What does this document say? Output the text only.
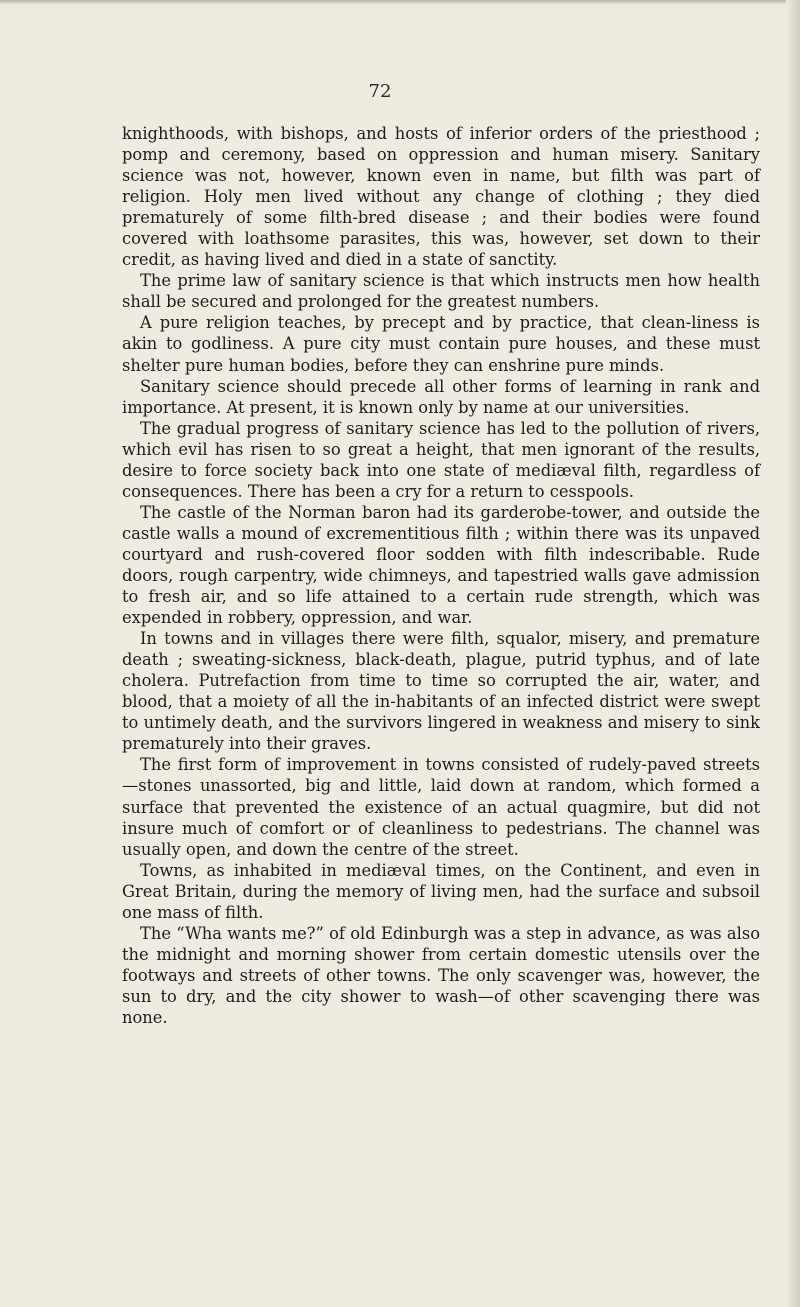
72

knighthoods, with bishops, and hosts of inferior orders of the priesthood ; pomp and ceremony, based on oppression and human misery. Sanitary science was not, however, known even in name, but filth was part of religion. Holy men lived without any change of clothing ; they died prematurely of some filth-bred disease ; and their bodies were found covered with loathsome parasites, this was, however, set down to their credit, as having lived and died in a state of sanctity.

The prime law of sanitary science is that which instructs men how health shall be secured and prolonged for the greatest numbers.

A pure religion teaches, by precept and by practice, that clean-liness is akin to godliness. A pure city must contain pure houses, and these must shelter pure human bodies, before they can enshrine pure minds.

Sanitary science should precede all other forms of learning in rank and importance. At present, it is known only by name at our universities.

The gradual progress of sanitary science has led to the pollution of rivers, which evil has risen to so great a height, that men ignorant of the results, desire to force society back into one state of mediæval filth, regardless of consequences. There has been a cry for a return to cesspools.

The castle of the Norman baron had its garderobe-tower, and outside the castle walls a mound of excrementitious filth ; within there was its unpaved courtyard and rush-covered floor sodden with filth indescribable. Rude doors, rough carpentry, wide chimneys, and tapestried walls gave admission to fresh air, and so life attained to a certain rude strength, which was expended in robbery, oppression, and war.

In towns and in villages there were filth, squalor, misery, and premature death ; sweating-sickness, black-death, plague, putrid typhus, and of late cholera. Putrefaction from time to time so corrupted the air, water, and blood, that a moiety of all the in-habitants of an infected district were swept to untimely death, and the survivors lingered in weakness and misery to sink prematurely into their graves.

The first form of improvement in towns consisted of rudely-paved streets—stones unassorted, big and little, laid down at random, which formed a surface that prevented the existence of an actual quagmire, but did not insure much of comfort or of cleanliness to pedestrians. The channel was usually open, and down the centre of the street.

Towns, as inhabited in mediæval times, on the Continent, and even in Great Britain, during the memory of living men, had the surface and subsoil one mass of filth.

The “Wha wants me?” of old Edinburgh was a step in advance, as was also the midnight and morning shower from certain domestic utensils over the footways and streets of other towns. The only scavenger was, however, the sun to dry, and the city shower to wash—of other scavenging there was none.
